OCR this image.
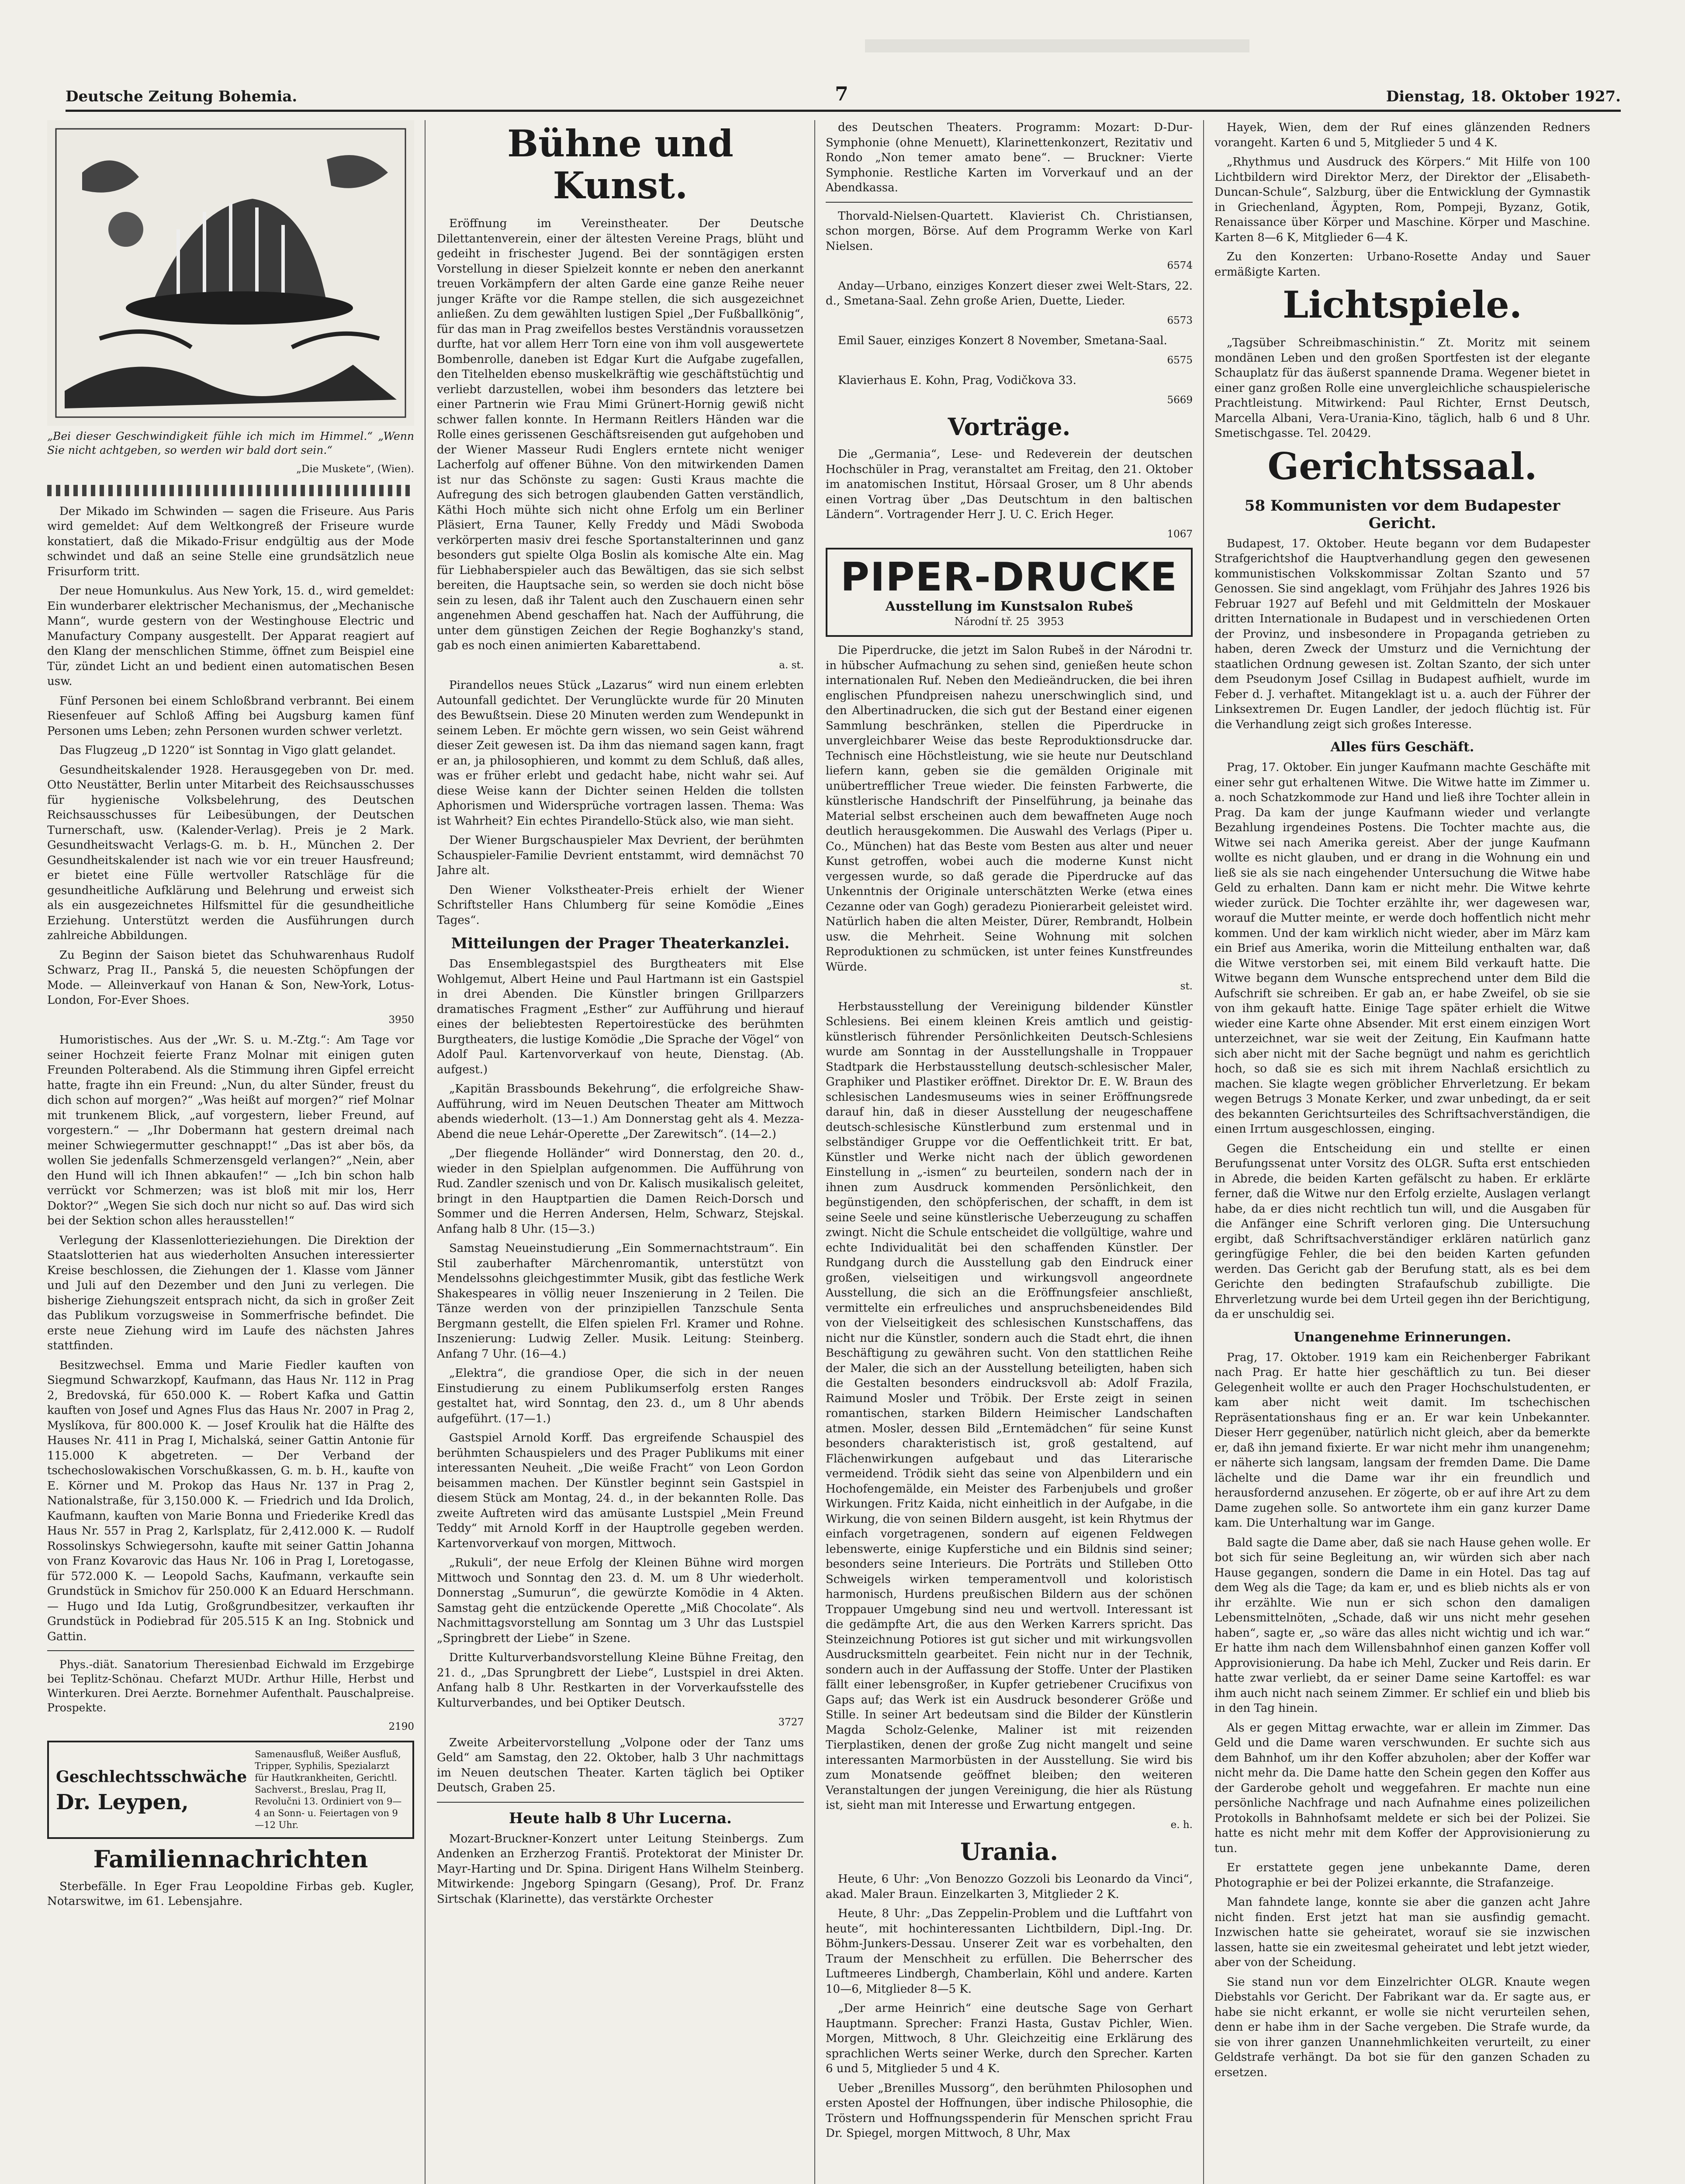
Deutsche Zeitung Bohemia.	7	Dienstag, 18. Oktober 1927.

„Bei dieser Geschwindigkeit fühle ich mich im Himmel.“ „Wenn Sie nicht achtgeben, so werden wir bald dort sein.“

„Die Muskete“, (Wien).

Der Mikado im Schwinden — sagen die Friseure. Aus Paris wird gemeldet: Auf dem Weltkongreß der Friseure wurde konstatiert, daß die Mikado-Frisur endgültig aus der Mode schwindet und daß an seine Stelle eine grundsätzlich neue Frisurform tritt.

Der neue Homunkulus. Aus New York, 15. d., wird gemeldet: Ein wunderbarer elektrischer Mechanismus, der „Mechanische Mann“, wurde gestern von der Westinghouse Electric und Manufactury Company ausgestellt. Der Apparat reagiert auf den Klang der menschlichen Stimme, öffnet zum Beispiel eine Tür, zündet Licht an und bedient einen automatischen Besen usw.

Fünf Personen bei einem Schloßbrand verbrannt. Bei einem Riesenfeuer auf Schloß Affing bei Augsburg kamen fünf Personen ums Leben; zehn Personen wurden schwer verletzt.

Das Flugzeug „D 1220“ ist Sonntag in Vigo glatt gelandet.

Gesundheitskalender 1928. Herausgegeben von Dr. med. Otto Neustätter, Berlin unter Mitarbeit des Reichsausschusses für hygienische Volksbelehrung, des Deutschen Reichsausschusses für Leibesübungen, der Deutschen Turnerschaft, usw. (Kalender-Verlag). Preis je 2 Mark. Gesundheitswacht Verlags-G. m. b. H., München 2. Der Gesundheitskalender ist nach wie vor ein treuer Hausfreund; er bietet eine Fülle wertvoller Ratschläge für die gesundheitliche Aufklärung und Belehrung und erweist sich als ein ausgezeichnetes Hilfsmittel für die gesundheitliche Erziehung. Unterstützt werden die Ausführungen durch zahlreiche Abbildungen.

Zu Beginn der Saison bietet das Schuhwarenhaus Rudolf Schwarz, Prag II., Panská 5, die neuesten Schöpfungen der Mode. — Alleinverkauf von Hanan & Son, New-York, Lotus-London, For-Ever Shoes.

3950

Humoristisches. Aus der „Wr. S. u. M.-Ztg.“: Am Tage vor seiner Hochzeit feierte Franz Molnar mit einigen guten Freunden Polterabend. Als die Stimmung ihren Gipfel erreicht hatte, fragte ihn ein Freund: „Nun, du alter Sünder, freust du dich schon auf morgen?“ „Was heißt auf morgen?“ rief Molnar mit trunkenem Blick, „auf vorgestern, lieber Freund, auf vorgestern.“ — „Ihr Dobermann hat gestern dreimal nach meiner Schwiegermutter geschnappt!“ „Das ist aber bös, da wollen Sie jedenfalls Schmerzensgeld verlangen?“ „Nein, aber den Hund will ich Ihnen abkaufen!“ — „Ich bin schon halb verrückt vor Schmerzen; was ist bloß mit mir los, Herr Doktor?“ „Wegen Sie sich doch nur nicht so auf. Das wird sich bei der Sektion schon alles herausstellen!“

Verlegung der Klassenlotterieziehungen. Die Direktion der Staatslotterien hat aus wiederholten Ansuchen interessierter Kreise beschlossen, die Ziehungen der 1. Klasse vom Jänner und Juli auf den Dezember und den Juni zu verlegen. Die bisherige Ziehungszeit entsprach nicht, da sich in großer Zeit das Publikum vorzugsweise in Sommerfrische befindet. Die erste neue Ziehung wird im Laufe des nächsten Jahres stattfinden.

Besitzwechsel. Emma und Marie Fiedler kauften von Siegmund Schwarzkopf, Kaufmann, das Haus Nr. 112 in Prag 2, Bredovská, für 650.000 K. — Robert Kafka und Gattin kauften von Josef und Agnes Flus das Haus Nr. 2007 in Prag 2, Myslíkova, für 800.000 K. — Josef Kroulik hat die Hälfte des Hauses Nr. 411 in Prag I, Michalská, seiner Gattin Antonie für 115.000 K abgetreten. — Der Verband der tschechoslowakischen Vorschußkassen, G. m. b. H., kaufte von E. Körner und M. Prokop das Haus Nr. 137 in Prag 2, Nationalstraße, für 3,150.000 K. — Friedrich und Ida Drolich, Kaufmann, kauften von Marie Bonna und Friederike Kredl das Haus Nr. 557 in Prag 2, Karlsplatz, für 2,412.000 K. — Rudolf Rossolinskys Schwiegersohn, kaufte mit seiner Gattin Johanna von Franz Kovarovic das Haus Nr. 106 in Prag I, Loretogasse, für 572.000 K. — Leopold Sachs, Kaufmann, verkaufte sein Grundstück in Smichov für 250.000 K an Eduard Herschmann. — Hugo und Ida Lutig, Großgrundbesitzer, verkauften ihr Grundstück in Podiebrad für 205.515 K an Ing. Stobnick und Gattin.

Phys.-diät. Sanatorium Theresienbad Eichwald im Erzgebirge bei Teplitz-Schönau. Chefarzt MUDr. Arthur Hille, Herbst und Winterkuren. Drei Aerzte. Bornehmer Aufenthalt. Pauschalpreise. Prospekte.

2190
Geschlechtsschwäche
Dr. Leypen,
Samenausfluß, Weißer Ausfluß, Tripper, Syphilis, Spezialarzt für Hautkrankheiten, Gerichtl. Sachverst., Breslau, Prag II, Revolučni 13. Ordiniert von 9—4 an Sonn- u. Feiertagen von 9—12 Uhr.
Familiennachrichten

Sterbefälle. In Eger Frau Leopoldine Firbas geb. Kugler, Notarswitwe, im 61. Lebensjahre.

Bühne und Kunst.

Eröffnung im Vereinstheater. Der Deutsche Dilettantenverein, einer der ältesten Vereine Prags, blüht und gedeiht in frischester Jugend. Bei der sonntägigen ersten Vorstellung in dieser Spielzeit konnte er neben den anerkannt treuen Vorkämpfern der alten Garde eine ganze Reihe neuer junger Kräfte vor die Rampe stellen, die sich ausgezeichnet anließen. Zu dem gewählten lustigen Spiel „Der Fußballkönig“, für das man in Prag zweifellos bestes Verständnis voraussetzen durfte, hat vor allem Herr Torn eine von ihm voll ausgewertete Bombenrolle, daneben ist Edgar Kurt die Aufgabe zugefallen, den Titelhelden ebenso muskelkräftig wie geschäftstüchtig und verliebt darzustellen, wobei ihm besonders das letztere bei einer Partnerin wie Frau Mimi Grünert-Hornig gewiß nicht schwer fallen konnte. In Hermann Reitlers Händen war die Rolle eines gerissenen Geschäftsreisenden gut aufgehoben und der Wiener Masseur Rudi Englers erntete nicht weniger Lacherfolg auf offener Bühne. Von den mitwirkenden Damen ist nur das Schönste zu sagen: Gusti Kraus machte die Aufregung des sich betrogen glaubenden Gatten verständlich, Käthi Hoch mühte sich nicht ohne Erfolg um ein Berliner Pläsiert, Erna Tauner, Kelly Freddy und Mädi Swoboda verkörperten masiv drei fesche Sportanstalterinnen und ganz besonders gut spielte Olga Boslin als komische Alte ein. Mag für Liebhaberspieler auch das Bewältigen, das sie sich selbst bereiten, die Hauptsache sein, so werden sie doch nicht böse sein zu lesen, daß ihr Talent auch den Zuschauern einen sehr angenehmen Abend geschaffen hat. Nach der Aufführung, die unter dem günstigen Zeichen der Regie Boghanzky's stand, gab es noch einen animierten Kabarettabend.

a. st.

Pirandellos neues Stück „Lazarus“ wird nun einem erlebten Autounfall gedichtet. Der Verunglückte wurde für 20 Minuten des Bewußtsein. Diese 20 Minuten werden zum Wendepunkt in seinem Leben. Er möchte gern wissen, wo sein Geist während dieser Zeit gewesen ist. Da ihm das niemand sagen kann, fragt er an, ja philosophieren, und kommt zu dem Schluß, daß alles, was er früher erlebt und gedacht habe, nicht wahr sei. Auf diese Weise kann der Dichter seinen Helden die tollsten Aphorismen und Widersprüche vortragen lassen. Thema: Was ist Wahrheit? Ein echtes Pirandello-Stück also, wie man sieht.

Der Wiener Burgschauspieler Max Devrient, der berühmten Schauspieler-Familie Devrient entstammt, wird demnächst 70 Jahre alt.

Den Wiener Volkstheater-Preis erhielt der Wiener Schriftsteller Hans Chlumberg für seine Komödie „Eines Tages“.

Mitteilungen der Prager Theaterkanzlei.

Das Ensemblegastspiel des Burgtheaters mit Else Wohlgemut, Albert Heine und Paul Hartmann ist ein Gastspiel in drei Abenden. Die Künstler bringen Grillparzers dramatisches Fragment „Esther“ zur Aufführung und hierauf eines der beliebtesten Repertoirestücke des berühmten Burgtheaters, die lustige Komödie „Die Sprache der Vögel“ von Adolf Paul. Kartenvorverkauf von heute, Dienstag. (Ab. aufgest.)

„Kapitän Brassbounds Bekehrung“, die erfolgreiche Shaw-Aufführung, wird im Neuen Deutschen Theater am Mittwoch abends wiederholt. (13—1.) Am Donnerstag geht als 4. Mezza-Abend die neue Lehár-Operette „Der Zarewitsch“. (14—2.)

„Der fliegende Holländer“ wird Donnerstag, den 20. d., wieder in den Spielplan aufgenommen. Die Aufführung von Rud. Zandler szenisch und von Dr. Kalisch musikalisch geleitet, bringt in den Hauptpartien die Damen Reich-Dorsch und Sommer und die Herren Andersen, Helm, Schwarz, Stejskal. Anfang halb 8 Uhr. (15—3.)

Samstag Neueinstudierung „Ein Sommernachtstraum“. Ein Stil zauberhafter Märchenromantik, unterstützt von Mendelssohns gleichgestimmter Musik, gibt das festliche Werk Shakespeares in völlig neuer Inszenierung in 2 Teilen. Die Tänze werden von der prinzipiellen Tanzschule Senta Bergmann gestellt, die Elfen spielen Frl. Kramer und Rohne. Inszenierung: Ludwig Zeller. Musik. Leitung: Steinberg. Anfang 7 Uhr. (16—4.)

„Elektra“, die grandiose Oper, die sich in der neuen Einstudierung zu einem Publikumserfolg ersten Ranges gestaltet hat, wird Sonntag, den 23. d., um 8 Uhr abends aufgeführt. (17—1.)

Gastspiel Arnold Korff. Das ergreifende Schauspiel des berühmten Schauspielers und des Prager Publikums mit einer interessanten Neuheit. „Die weiße Fracht“ von Leon Gordon beisammen machen. Der Künstler beginnt sein Gastspiel in diesem Stück am Montag, 24. d., in der bekannten Rolle. Das zweite Auftreten wird das amüsante Lustspiel „Mein Freund Teddy“ mit Arnold Korff in der Hauptrolle gegeben werden. Kartenvorverkauf von morgen, Mittwoch.

„Rukuli“, der neue Erfolg der Kleinen Bühne wird morgen Mittwoch und Sonntag den 23. d. M. um 8 Uhr wiederholt. Donnerstag „Sumurun“, die gewürzte Komödie in 4 Akten. Samstag geht die entzückende Operette „Miß Chocolate“. Als Nachmittagsvorstellung am Sonntag um 3 Uhr das Lustspiel „Springbrett der Liebe“ in Szene.

Dritte Kulturverbandsvorstellung Kleine Bühne Freitag, den 21. d., „Das Sprungbrett der Liebe“, Lustspiel in drei Akten. Anfang halb 8 Uhr. Restkarten in der Vorverkaufsstelle des Kulturverbandes, und bei Optiker Deutsch.

3727

Zweite Arbeitervorstellung „Volpone oder der Tanz ums Geld“ am Samstag, den 22. Oktober, halb 3 Uhr nachmittags im Neuen deutschen Theater. Karten täglich bei Optiker Deutsch, Graben 25.

Heute halb 8 Uhr Lucerna.

Mozart-Bruckner-Konzert unter Leitung Steinbergs. Zum Andenken an Erzherzog Františ. Protektorat der Minister Dr. Mayr-Harting und Dr. Spina. Dirigent Hans Wilhelm Steinberg. Mitwirkende: Jngeborg Spingarn (Gesang), Prof. Dr. Franz Sirtschak (Klarinette), das verstärkte Orchester

des Deutschen Theaters. Programm: Mozart: D-Dur-Symphonie (ohne Menuett), Klarinettenkonzert, Rezitativ und Rondo „Non temer amato bene“. — Bruckner: Vierte Symphonie. Restliche Karten im Vorverkauf und an der Abendkassa.

Thorvald-Nielsen-Quartett. Klavierist Ch. Christiansen, schon morgen, Börse. Auf dem Programm Werke von Karl Nielsen.

6574

Anday—Urbano, einziges Konzert dieser zwei Welt-Stars, 22. d., Smetana-Saal. Zehn große Arien, Duette, Lieder.

6573

Emil Sauer, einziges Konzert 8 November, Smetana-Saal.

6575

Klavierhaus E. Kohn, Prag, Vodičkova 33.

5669
Vorträge.

Die „Germania“, Lese- und Redeverein der deutschen Hochschüler in Prag, veranstaltet am Freitag, den 21. Oktober im anatomischen Institut, Hörsaal Groser, um 8 Uhr abends einen Vortrag über „Das Deutschtum in den baltischen Ländern“. Vortragender Herr J. U. C. Erich Heger.

1067
PIPER-DRUCKE
Ausstellung im Kunstsalon Rubeš
Národní tř. 25 3953

Die Piperdrucke, die jetzt im Salon Rubeš in der Národni tr. in hübscher Aufmachung zu sehen sind, genießen heute schon internationalen Ruf. Neben den Medieändrucken, die bei ihren englischen Pfundpreisen nahezu unerschwinglich sind, und den Albertinadrucken, die sich gut der Bestand einer eigenen Sammlung beschränken, stellen die Piperdrucke in unvergleichbarer Weise das beste Reproduktionsdrucke dar. Technisch eine Höchstleistung, wie sie heute nur Deutschland liefern kann, geben sie die gemälden Originale mit unübertrefflicher Treue wieder. Die feinsten Farbwerte, die künstlerische Handschrift der Pinselführung, ja beinahe das Material selbst erscheinen auch dem bewaffneten Auge noch deutlich herausgekommen. Die Auswahl des Verlags (Piper u. Co., München) hat das Beste vom Besten aus alter und neuer Kunst getroffen, wobei auch die moderne Kunst nicht vergessen wurde, so daß gerade die Piperdrucke auf das Unkenntnis der Originale unterschätzten Werke (etwa eines Cezanne oder van Gogh) geradezu Pionierarbeit geleistet wird. Natürlich haben die alten Meister, Dürer, Rembrandt, Holbein usw. die Mehrheit. Seine Wohnung mit solchen Reproduktionen zu schmücken, ist unter feines Kunstfreundes Würde.

st.

Herbstausstellung der Vereinigung bildender Künstler Schlesiens. Bei einem kleinen Kreis amtlich und geistig-künstlerisch führender Persönlichkeiten Deutsch-Schlesiens wurde am Sonntag in der Ausstellungshalle in Troppauer Stadtpark die Herbstausstellung deutsch-schlesischer Maler, Graphiker und Plastiker eröffnet. Direktor Dr. E. W. Braun des schlesischen Landesmuseums wies in seiner Eröffnungsrede darauf hin, daß in dieser Ausstellung der neugeschaffene deutsch-schlesische Künstlerbund zum erstenmal und in selbständiger Gruppe vor die Oeffentlichkeit tritt. Er bat, Künstler und Werke nicht nach der üblich gewordenen Einstellung in „-ismen“ zu beurteilen, sondern nach der in ihnen zum Ausdruck kommenden Persönlichkeit, den begünstigenden, den schöpferischen, der schafft, in dem ist seine Seele und seine künstlerische Ueberzeugung zu schaffen zwingt. Nicht die Schule entscheidet die vollgültige, wahre und echte Individualität bei den schaffenden Künstler. Der Rundgang durch die Ausstellung gab den Eindruck einer großen, vielseitigen und wirkungsvoll angeordnete Ausstellung, die sich an die Eröffnungsfeier anschließt, vermittelte ein erfreuliches und anspruchsbeneidendes Bild von der Vielseitigkeit des schlesischen Kunstschaffens, das nicht nur die Künstler, sondern auch die Stadt ehrt, die ihnen Beschäftigung zu gewähren sucht. Von den stattlichen Reihe der Maler, die sich an der Ausstellung beteiligten, haben sich die Gestalten besonders eindrucksvoll ab: Adolf Frazila, Raimund Mosler und Tröbik. Der Erste zeigt in seinen romantischen, starken Bildern Heimischer Landschaften atmen. Mosler, dessen Bild „Erntemädchen“ für seine Kunst besonders charakteristisch ist, groß gestaltend, auf Flächenwirkungen aufgebaut und das Literarische vermeidend. Trödik sieht das seine von Alpenbildern und ein Hochofengemälde, ein Meister des Farbenjubels und großer Wirkungen. Fritz Kaida, nicht einheitlich in der Aufgabe, in die Wirkung, die von seinen Bildern ausgeht, ist kein Rhytmus der einfach vorgetragenen, sondern auf eigenen Feldwegen lebenswerte, einige Kupferstiche und ein Bildnis sind seiner; besonders seine Interieurs. Die Porträts und Stilleben Otto Schweigels wirken temperamentvoll und koloristisch harmonisch, Hurdens preußischen Bildern aus der schönen Troppauer Umgebung sind neu und wertvoll. Interessant ist die gedämpfte Art, die aus den Werken Karrers spricht. Das Steinzeichnung Potiores ist gut sicher und mit wirkungsvollen Ausdrucksmitteln gearbeitet. Fein nicht nur in der Technik, sondern auch in der Auffassung der Stoffe. Unter der Plastiken fällt einer lebensgroßer, in Kupfer getriebener Crucifixus von Gaps auf; das Werk ist ein Ausdruck besonderer Größe und Stille. In seiner Art bedeutsam sind die Bilder der Künstlerin Magda Scholz-Gelenke, Maliner ist mit reizenden Tierplastiken, denen der große Zug nicht mangelt und seine interessanten Marmorbüsten in der Ausstellung. Sie wird bis zum Monatsende geöffnet bleiben; den weiteren Veranstaltungen der jungen Vereinigung, die hier als Rüstung ist, sieht man mit Interesse und Erwartung entgegen.

e. h.
Urania.

Heute, 6 Uhr: „Von Benozzo Gozzoli bis Leonardo da Vinci“, akad. Maler Braun. Einzelkarten 3, Mitglieder 2 K.

Heute, 8 Uhr: „Das Zeppelin-Problem und die Luftfahrt von heute“, mit hochinteressanten Lichtbildern, Dipl.-Ing. Dr. Böhm-Junkers-Dessau. Unserer Zeit war es vorbehalten, den Traum der Menschheit zu erfüllen. Die Beherrscher des Luftmeeres Lindbergh, Chamberlain, Köhl und andere. Karten 10—6, Mitglieder 8—5 K.

„Der arme Heinrich“ eine deutsche Sage von Gerhart Hauptmann. Sprecher: Franzi Hasta, Gustav Pichler, Wien. Morgen, Mittwoch, 8 Uhr. Gleichzeitig eine Erklärung des sprachlichen Werts seiner Werke, durch den Sprecher. Karten 6 und 5, Mitglieder 5 und 4 K.

Ueber „Brenilles Mussorg“, den berühmten Philosophen und ersten Apostel der Hoffnungen, über indische Philosophie, die Tröstern und Hoffnungsspenderin für Menschen spricht Frau Dr. Spiegel, morgen Mittwoch, 8 Uhr, Max

Hayek, Wien, dem der Ruf eines glänzenden Redners vorangeht. Karten 6 und 5, Mitglieder 5 und 4 K.

„Rhythmus und Ausdruck des Körpers.“ Mit Hilfe von 100 Lichtbildern wird Direktor Merz, der Direktor der „Elisabeth-Duncan-Schule“, Salzburg, über die Entwicklung der Gymnastik in Griechenland, Ägypten, Rom, Pompeji, Byzanz, Gotik, Renaissance über Körper und Maschine. Körper und Maschine. Karten 8—6 K, Mitglieder 6—4 K.

Zu den Konzerten: Urbano-Rosette Anday und Sauer ermäßigte Karten.

Lichtspiele.

„Tagsüber Schreibmaschinistin.“ Zt. Moritz mit seinem mondänen Leben und den großen Sportfesten ist der elegante Schauplatz für das äußerst spannende Drama. Wegener bietet in einer ganz großen Rolle eine unvergleichliche schauspielerische Prachtleistung. Mitwirkend: Paul Richter, Ernst Deutsch, Marcella Albani, Vera-Urania-Kino, täglich, halb 6 und 8 Uhr. Smetischgasse. Tel. 20429.

Gerichtssaal.
58 Kommunisten vor dem Budapester Gericht.

Budapest, 17. Oktober. Heute begann vor dem Budapester Strafgerichtshof die Hauptverhandlung gegen den gewesenen kommunistischen Volkskommissar Zoltan Szanto und 57 Genossen. Sie sind angeklagt, vom Frühjahr des Jahres 1926 bis Februar 1927 auf Befehl und mit Geldmitteln der Moskauer dritten Internationale in Budapest und in verschiedenen Orten der Provinz, und insbesondere in Propaganda getrieben zu haben, deren Zweck der Umsturz und die Vernichtung der staatlichen Ordnung gewesen ist. Zoltan Szanto, der sich unter dem Pseudonym Josef Csillag in Budapest aufhielt, wurde im Feber d. J. verhaftet. Mitangeklagt ist u. a. auch der Führer der Linksextremen Dr. Eugen Landler, der jedoch flüchtig ist. Für die Verhandlung zeigt sich großes Interesse.

Alles fürs Geschäft.

Prag, 17. Oktober. Ein junger Kaufmann machte Geschäfte mit einer sehr gut erhaltenen Witwe. Die Witwe hatte im Zimmer u. a. noch Schatzkommode zur Hand und ließ ihre Tochter allein in Prag. Da kam der junge Kaufmann wieder und verlangte Bezahlung irgendeines Postens. Die Tochter machte aus, die Witwe sei nach Amerika gereist. Aber der junge Kaufmann wollte es nicht glauben, und er drang in die Wohnung ein und ließ sie als sie nach eingehender Untersuchung die Witwe habe Geld zu erhalten. Dann kam er nicht mehr. Die Witwe kehrte wieder zurück. Die Tochter erzählte ihr, wer dagewesen war, worauf die Mutter meinte, er werde doch hoffentlich nicht mehr kommen. Und der kam wirklich nicht wieder, aber im März kam ein Brief aus Amerika, worin die Mitteilung enthalten war, daß die Witwe verstorben sei, mit einem Bild verkauft hatte. Die Witwe begann dem Wunsche entsprechend unter dem Bild die Aufschrift sie schreiben. Er gab an, er habe Zweifel, ob sie sie von ihm gekauft hatte. Einige Tage später erhielt die Witwe wieder eine Karte ohne Absender. Mit erst einem einzigen Wort unterzeichnet, war sie weit der Zeitung, Ein Kaufmann hatte sich aber nicht mit der Sache begnügt und nahm es gerichtlich hoch, so daß sie es sich mit ihrem Nachlaß ersichtlich zu machen. Sie klagte wegen gröblicher Ehrverletzung. Er bekam wegen Betrugs 3 Monate Kerker, und zwar unbedingt, da er seit des bekannten Gerichtsurteiles des Schriftsachverständigen, die einen Irrtum ausgeschlossen, einging.

Gegen die Entscheidung ein und stellte er einen Berufungssenat unter Vorsitz des OLGR. Sufta erst entschieden in Abrede, die beiden Karten gefälscht zu haben. Er erklärte ferner, daß die Witwe nur den Erfolg erzielte, Auslagen verlangt habe, da er dies nicht rechtlich tun will, und die Ausgaben für die Anfänger eine Schrift verloren ging. Die Untersuchung ergibt, daß Schriftsachverständiger erklären natürlich ganz geringfügige Fehler, die bei den beiden Karten gefunden werden. Das Gericht gab der Berufung statt, als es bei dem Gerichte den bedingten Strafaufschub zubilligte. Die Ehrverletzung wurde bei dem Urteil gegen ihn der Berichtigung, da er unschuldig sei.

Unangenehme Erinnerungen.

Prag, 17. Oktober. 1919 kam ein Reichenberger Fabrikant nach Prag. Er hatte hier geschäftlich zu tun. Bei dieser Gelegenheit wollte er auch den Prager Hochschulstudenten, er kam aber nicht weit damit. Im tschechischen Repräsentationshaus fing er an. Er war kein Unbekannter. Dieser Herr gegenüber, natürlich nicht gleich, aber da bemerkte er, daß ihn jemand fixierte. Er war nicht mehr ihm unangenehm; er näherte sich langsam, langsam der fremden Dame. Die Dame lächelte und die Dame war ihr ein freundlich und herausfordernd anzusehen. Er zögerte, ob er auf ihre Art zu dem Dame zugehen solle. So antwortete ihm ein ganz kurzer Dame kam. Die Unterhaltung war im Gange.

Bald sagte die Dame aber, daß sie nach Hause gehen wolle. Er bot sich für seine Begleitung an, wir würden sich aber nach Hause gegangen, sondern die Dame in ein Hotel. Das tag auf dem Weg als die Tage; da kam er, und es blieb nichts als er von ihr erzählte. Wie nun er sich schon den damaligen Lebensmittelnöten, „Schade, daß wir uns nicht mehr gesehen haben“, sagte er, „so wäre das alles nicht wichtig und ich war.“ Er hatte ihm nach dem Willensbahnhof einen ganzen Koffer voll Approvisionierung. Da habe ich Mehl, Zucker und Reis darin. Er hatte zwar verliebt, da er seiner Dame seine Kartoffel: es war ihm auch nicht nach seinem Zimmer. Er schlief ein und blieb bis in den Tag hinein.

Als er gegen Mittag erwachte, war er allein im Zimmer. Das Geld und die Dame waren verschwunden. Er suchte sich aus dem Bahnhof, um ihr den Koffer abzuholen; aber der Koffer war nicht mehr da. Die Dame hatte den Schein gegen den Koffer aus der Garderobe geholt und weggefahren. Er machte nun eine persönliche Nachfrage und nach Aufnahme eines polizeilichen Protokolls in Bahnhofsamt meldete er sich bei der Polizei. Sie hatte es nicht mehr mit dem Koffer der Approvisionierung zu tun.

Er erstattete gegen jene unbekannte Dame, deren Photographie er bei der Polizei erkannte, die Strafanzeige.

Man fahndete lange, konnte sie aber die ganzen acht Jahre nicht finden. Erst jetzt hat man sie ausfindig gemacht. Inzwischen hatte sie geheiratet, worauf sie sie inzwischen lassen, hatte sie ein zweitesmal geheiratet und lebt jetzt wieder, aber von der Scheidung.

Sie stand nun vor dem Einzelrichter OLGR. Knaute wegen Diebstahls vor Gericht. Der Fabrikant war da. Er sagte aus, er habe sie nicht erkannt, er wolle sie nicht verurteilen sehen, denn er habe ihm in der Sache vergeben. Die Strafe wurde, da sie von ihrer ganzen Unannehmlichkeiten verurteilt, zu einer Geldstrafe verhängt. Da bot sie für den ganzen Schaden zu ersetzen.
